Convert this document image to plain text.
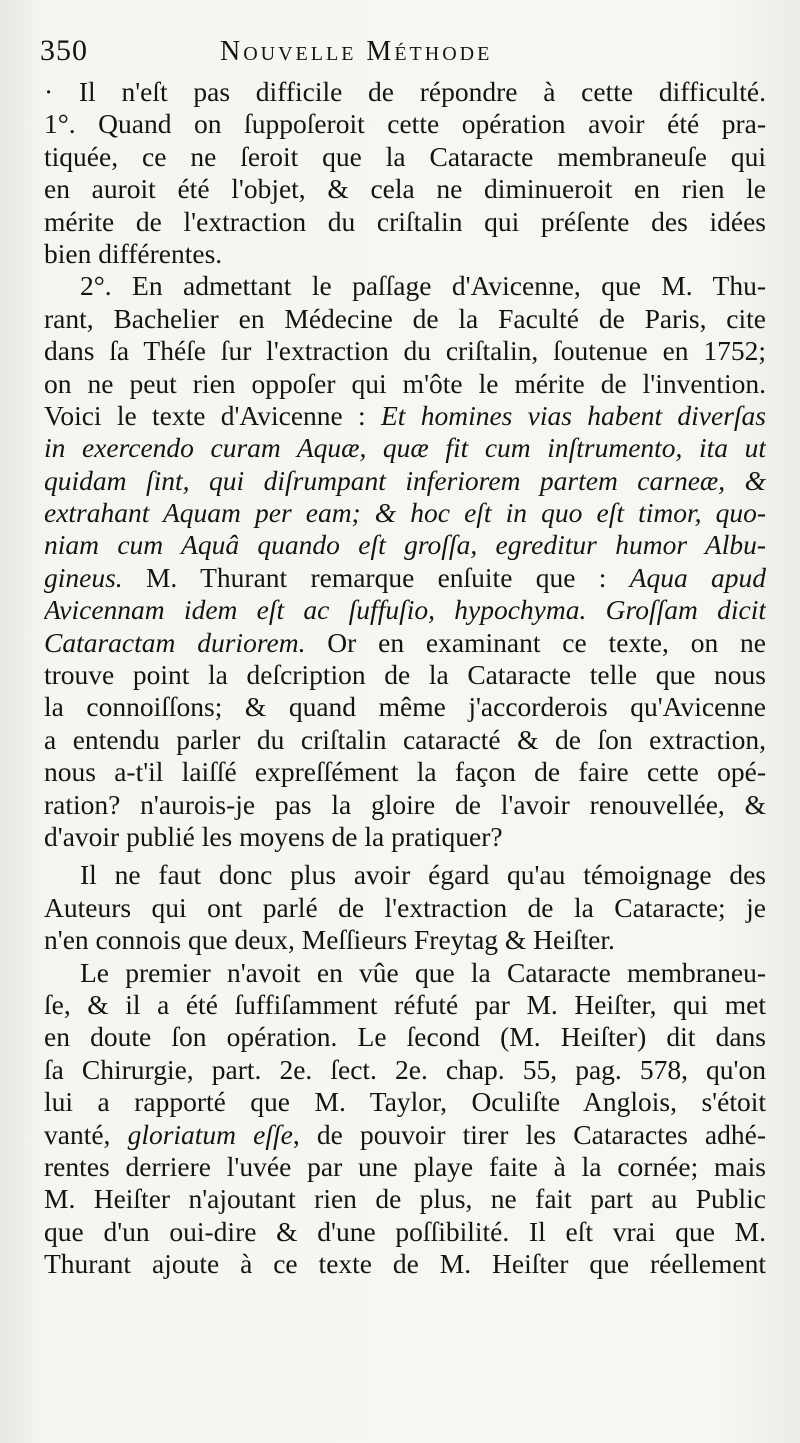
350	Nouvelle Méthode
· Il n'eſt pas difficile de répondre à cette difficulté.
1°. Quand on ſuppoſeroit cette opération avoir été pra-
tiquée, ce ne ſeroit que la Cataracte membraneuſe qui
en auroit été l'objet, & cela ne diminueroit en rien le
mérite de l'extraction du criſtalin qui préſente des idées
bien différentes.
2°. En admettant le paſſage d'Avicenne, que M. Thu-
rant, Bachelier en Médecine de la Faculté de Paris, cite
dans ſa Théſe ſur l'extraction du criſtalin, ſoutenue en 1752;
on ne peut rien oppoſer qui m'ôte le mérite de l'invention.
Voici le texte d'Avicenne : Et homines vias habent diverſas
in exercendo curam Aquæ, quæ fit cum inſtrumento, ita ut
quidam ſint, qui diſrumpant inferiorem partem carneæ, &
extrahant Aquam per eam; & hoc eſt in quo eſt timor, quo-
niam cum Aquâ quando eſt groſſa, egreditur humor Albu-
gineus. M. Thurant remarque enſuite que : Aqua apud
Avicennam idem eſt ac ſuffuſio, hypochyma. Groſſam dicit
Cataractam duriorem. Or en examinant ce texte, on ne
trouve point la deſcription de la Cataracte telle que nous
la connoiſſons; & quand même j'accorderois qu'Avicenne
a entendu parler du criſtalin cataracté & de ſon extraction,
nous a-t'il laiſſé expreſſément la façon de faire cette opé-
ration? n'aurois-je pas la gloire de l'avoir renouvellée, &
d'avoir publié les moyens de la pratiquer?
Il ne faut donc plus avoir égard qu'au témoignage des
Auteurs qui ont parlé de l'extraction de la Cataracte; je
n'en connois que deux, Meſſieurs Freytag & Heiſter.
Le premier n'avoit en vûe que la Cataracte membraneu-
ſe, & il a été ſuffiſamment réfuté par M. Heiſter, qui met
en doute ſon opération. Le ſecond (M. Heiſter) dit dans
ſa Chirurgie, part. 2e. ſect. 2e. chap. 55, pag. 578, qu'on
lui a rapporté que M. Taylor, Oculiſte Anglois, s'étoit
vanté, gloriatum eſſe, de pouvoir tirer les Cataractes adhé-
rentes derriere l'uvée par une playe faite à la cornée; mais
M. Heiſter n'ajoutant rien de plus, ne fait part au Public
que d'un oui-dire & d'une poſſibilité. Il eſt vrai que M.
Thurant ajoute à ce texte de M. Heiſter que réellement
